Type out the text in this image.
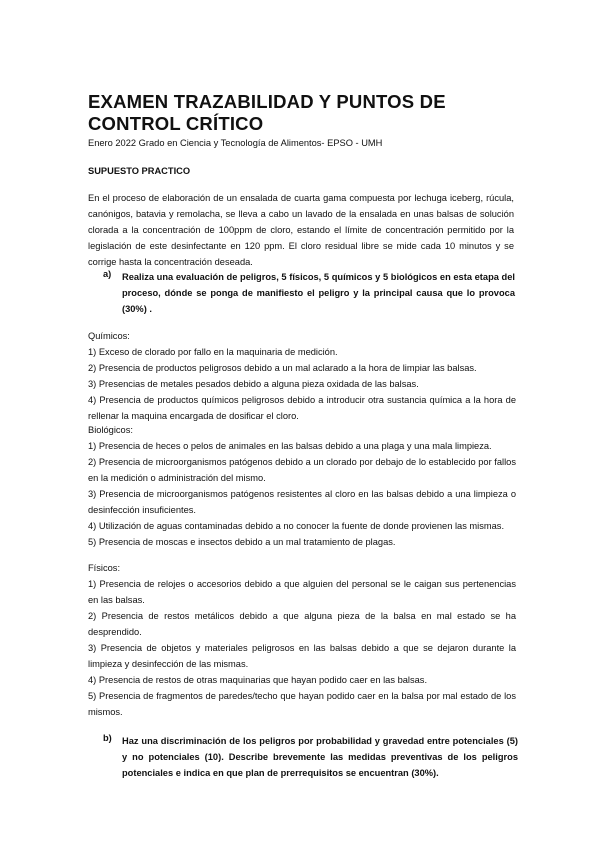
EXAMEN TRAZABILIDAD Y PUNTOS DE CONTROL CRÍTICO
Enero 2022 Grado en Ciencia y Tecnología de Alimentos- EPSO - UMH
SUPUESTO PRACTICO
En el proceso de elaboración de un ensalada de cuarta gama compuesta por lechuga iceberg, rúcula, canónigos, batavia y remolacha, se lleva a cabo un lavado de la ensalada en unas balsas de solución clorada a la concentración de 100ppm de cloro, estando el límite de concentración permitido por la legislación de este desinfectante en 120 ppm. El cloro residual libre se mide cada 10 minutos y se corrige hasta la concentración deseada.
a) Realiza una evaluación de peligros, 5 físicos, 5 químicos y 5 biológicos en esta etapa del proceso, dónde se ponga de manifiesto el peligro y la principal causa que lo provoca (30%) .
Químicos:
1) Exceso de clorado por fallo en la maquinaria de medición.
2) Presencia de productos peligrosos debido a un mal aclarado a la hora de limpiar las balsas.
3) Presencias de metales pesados debido a alguna pieza oxidada de las balsas.
4) Presencia de productos químicos peligrosos debido a introducir otra sustancia química a la hora de rellenar la maquina encargada de dosificar el cloro.
Biológicos:
1) Presencia de heces o pelos de animales en las balsas debido a una plaga y una mala limpieza.
2) Presencia de microorganismos patógenos debido a un clorado por debajo de lo establecido por fallos en la medición o administración del mismo.
3) Presencia de microorganismos patógenos resistentes al cloro en las balsas debido a una limpieza o desinfección insuficientes.
4) Utilización de aguas contaminadas debido a no conocer la fuente de donde provienen las mismas.
5) Presencia de moscas e insectos debido a un mal tratamiento de plagas.
Físicos:
1) Presencia de relojes o accesorios debido a que alguien del personal se le caigan sus pertenencias en las balsas.
2) Presencia de restos metálicos debido a que alguna pieza de la balsa en mal estado se ha desprendido.
3) Presencia de objetos y materiales peligrosos en las balsas debido a que se dejaron durante la limpieza y desinfección de las mismas.
4) Presencia de restos de otras maquinarias que hayan podido caer en las balsas.
5) Presencia de fragmentos de paredes/techo que hayan podido caer en la balsa por mal estado de los mismos.
b) Haz una discriminación de los peligros por probabilidad y gravedad entre potenciales (5) y no potenciales (10). Describe brevemente las medidas preventivas de los peligros potenciales e indica en que plan de prerrequisitos se encuentran (30%).
